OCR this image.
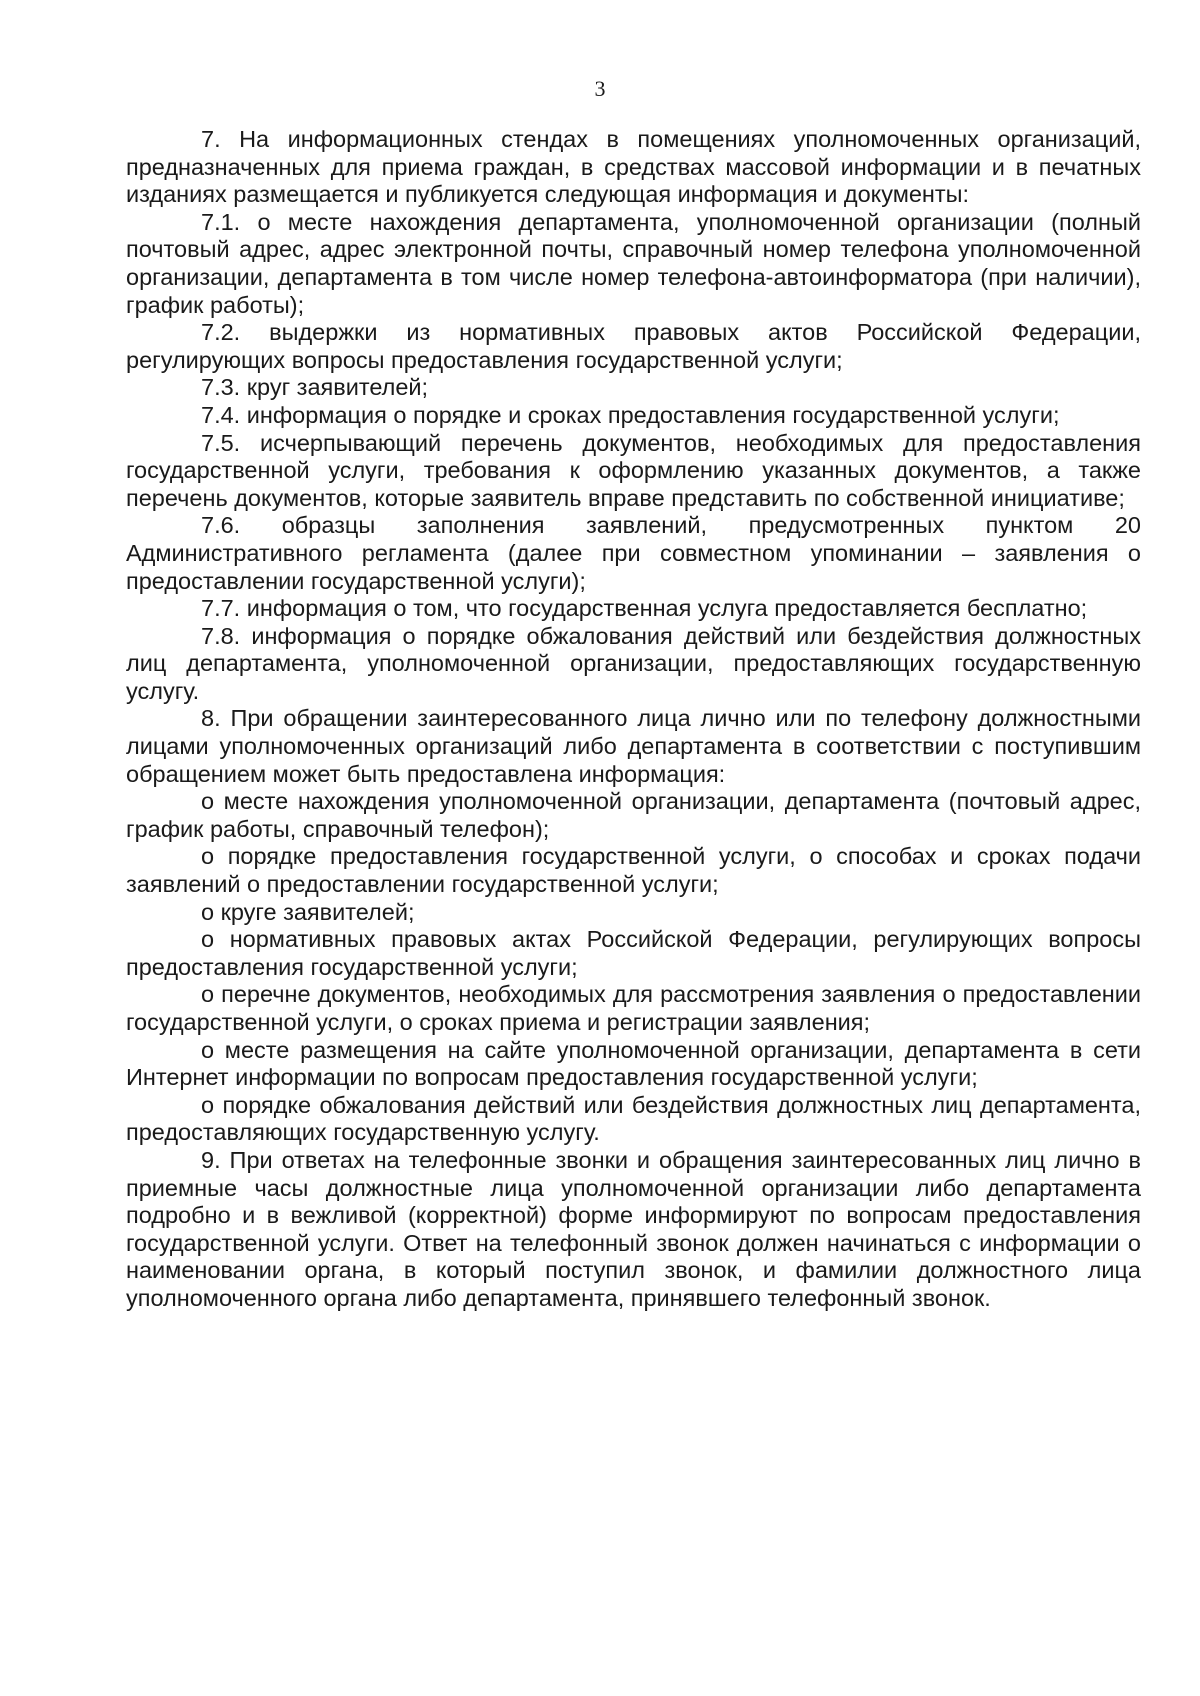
3

7. На информационных стендах в помещениях уполномоченных организаций, предназначенных для приема граждан, в средствах массовой информации и в печатных изданиях размещается и публикуется следующая информация и документы:

7.1. о месте нахождения департамента, уполномоченной организации (полный почтовый адрес, адрес электронной почты, справочный номер телефона уполномоченной организации, департамента в том числе номер телефона-автоинформатора (при наличии), график работы);

7.2. выдержки из нормативных правовых актов Российской Федерации, регулирующих вопросы предоставления государственной услуги;

7.3. круг заявителей;

7.4. информация о порядке и сроках предоставления государственной услуги;

7.5. исчерпывающий перечень документов, необходимых для предоставления государственной услуги, требования к оформлению указанных документов, а также перечень документов, которые заявитель вправе представить по собственной инициативе;

7.6. образцы заполнения заявлений, предусмотренных пунктом 20 Административного регламента (далее при совместном упоминании – заявления о предоставлении государственной услуги);

7.7. информация о том, что государственная услуга предоставляется бесплатно;

7.8. информация о порядке обжалования действий или бездействия должностных лиц департамента, уполномоченной организации, предоставляющих государственную услугу.

8. При обращении заинтересованного лица лично или по телефону должностными лицами уполномоченных организаций либо департамента в соответствии с поступившим обращением может быть предоставлена информация:

о месте нахождения уполномоченной организации, департамента (почтовый адрес, график работы, справочный телефон);

о порядке предоставления государственной услуги, о способах и сроках подачи заявлений о предоставлении государственной услуги;

о круге заявителей;

о нормативных правовых актах Российской Федерации, регулирующих вопросы предоставления государственной услуги;

о перечне документов, необходимых для рассмотрения заявления о предоставлении государственной услуги, о сроках приема и регистрации заявления;

о месте размещения на сайте уполномоченной организации, департамента в сети Интернет информации по вопросам предоставления государственной услуги;

о порядке обжалования действий или бездействия должностных лиц департамента, предоставляющих государственную услугу.

9. При ответах на телефонные звонки и обращения заинтересованных лиц лично в приемные часы должностные лица уполномоченной организации либо департамента подробно и в вежливой (корректной) форме информируют по вопросам предоставления государственной услуги. Ответ на телефонный звонок должен начинаться с информации о наименовании органа, в который поступил звонок, и фамилии должностного лица уполномоченного органа либо департамента, принявшего телефонный звонок.
